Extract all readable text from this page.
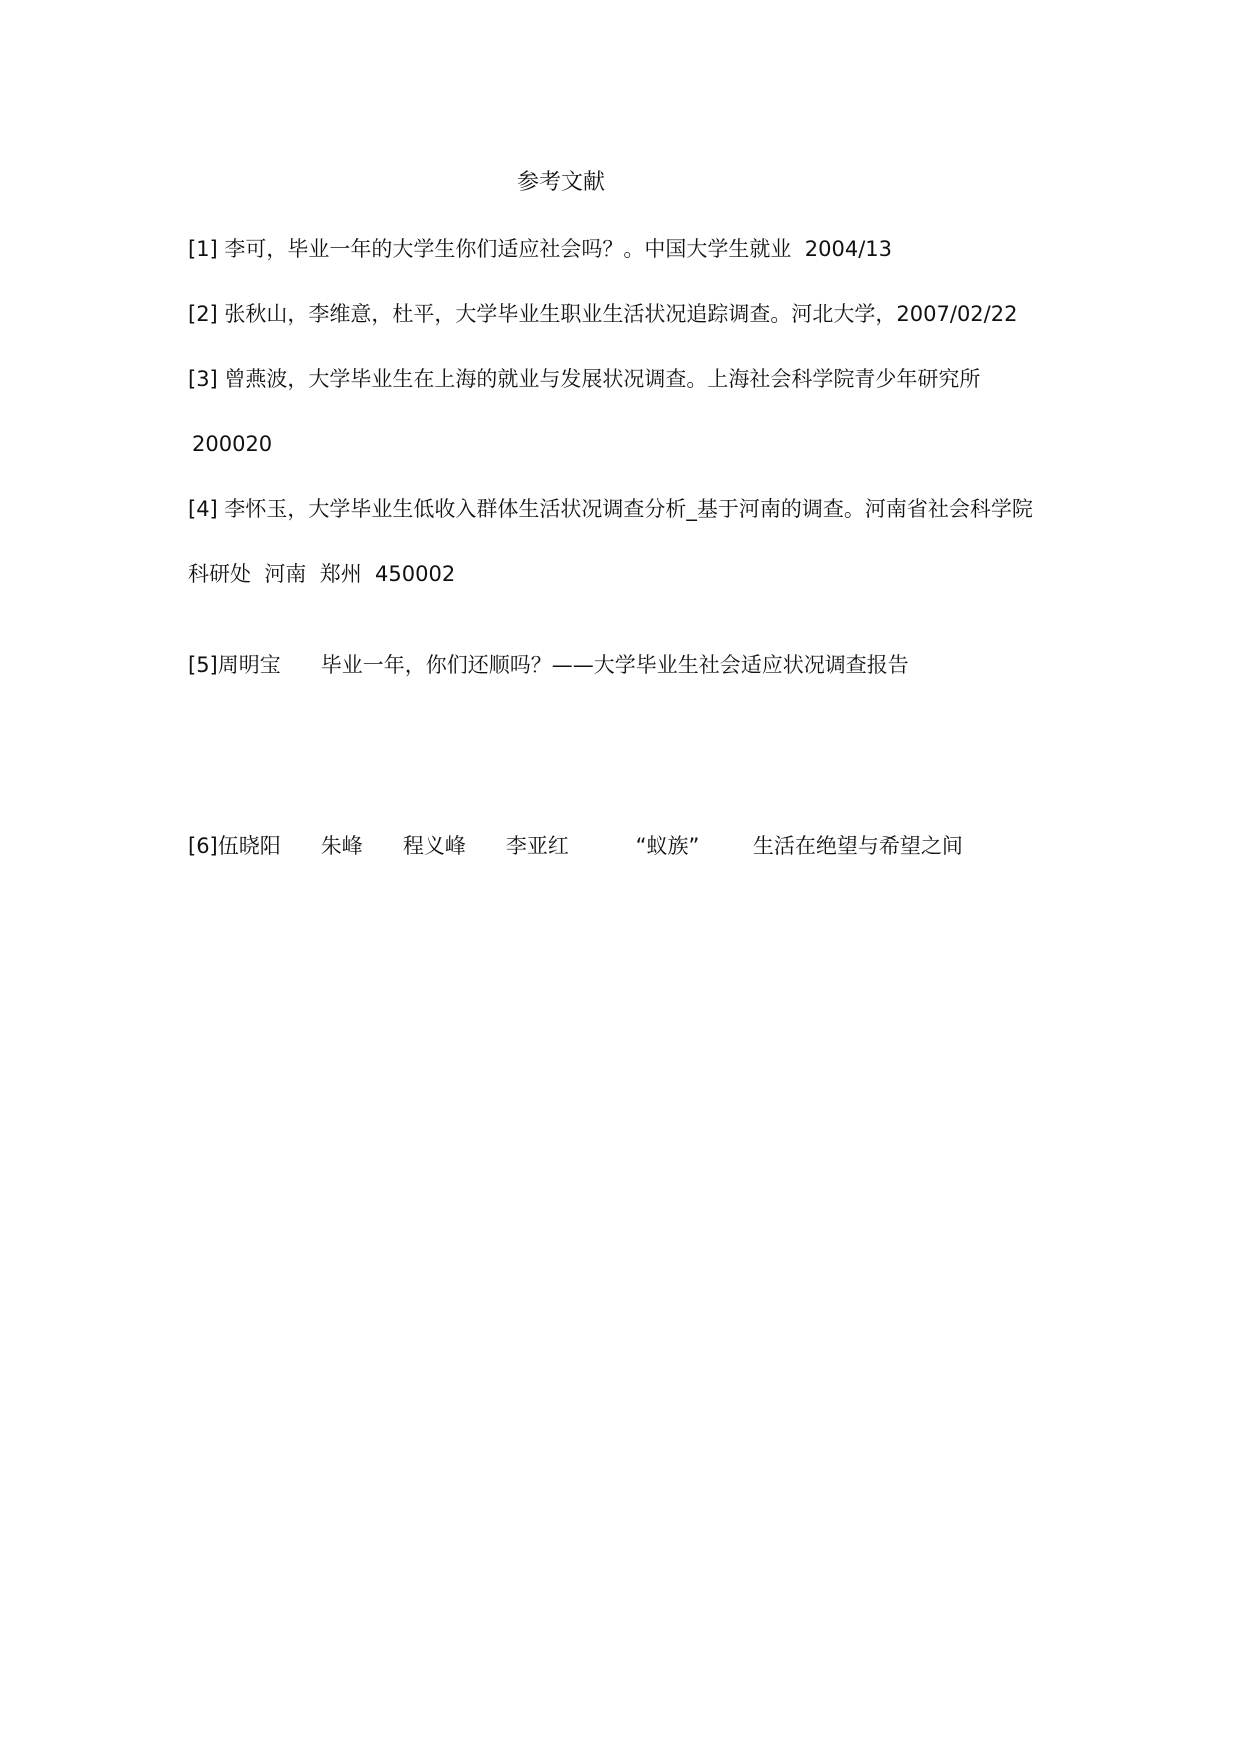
参考文献
[1] 李可，毕业一年的大学生你们适应社会吗？。中国大学生就业  2004/13
[2] 张秋山，李维意，杜平，大学毕业生职业生活状况追踪调查。河北大学，2007/02/22
[3] 曾燕波，大学毕业生在上海的就业与发展状况调查。上海社会科学院青少年研究所
200020
[4] 李怀玉，大学毕业生低收入群体生活状况调查分析_基于河南的调查。河南省社会科学院
科研处  河南  郑州  450002
[5]周明宝      毕业一年，你们还顺吗？——大学毕业生社会适应状况调查报告
[6]伍晓阳      朱峰      程义峰      李亚红          “蚁族”        生活在绝望与希望之间
